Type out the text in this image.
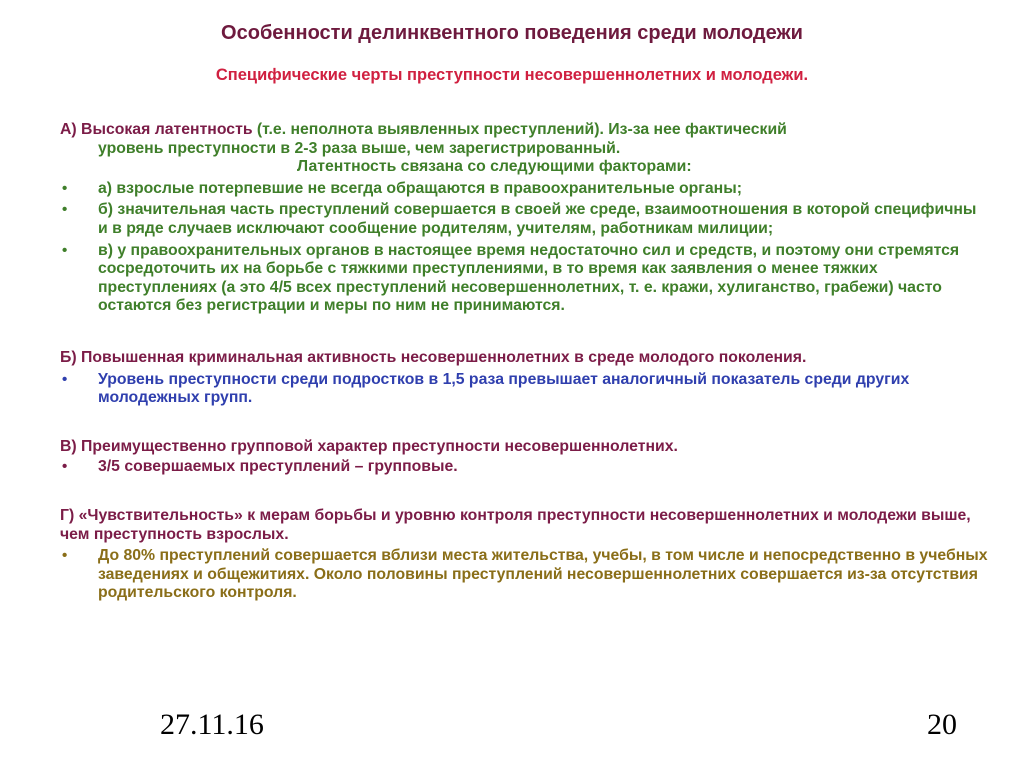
Особенности делинквентного поведения среди молодежи
Специфические черты преступности несовершеннолетних и молодежи.
А) Высокая латентность (т.е. неполнота выявленных преступлений). Из-за нее фактический
уровень преступности в 2-3 раза выше, чем зарегистрированный.
Латентность связана со следующими факторами:
• а) взрослые потерпевшие не всегда обращаются в правоохранительные органы;
• б) значительная часть преступлений совершается в своей же среде, взаимоотношения в которой специфичны и в ряде случаев исключают сообщение родителям, учителям, работникам милиции;
• в) у правоохранительных органов в настоящее время недостаточно сил и средств, и поэтому они стремятся сосредоточить их на борьбе с тяжкими преступлениями, в то время как заявления о менее тяжких преступлениях (а это 4/5 всех преступлений несовершеннолетних, т. е. кражи, хулиганство, грабежи) часто остаются без регистрации и меры по ним не принимаются.
Б) Повышенная криминальная активность несовершеннолетних в среде молодого поколения.
• Уровень преступности среди подростков в 1,5 раза превышает аналогичный показатель среди других молодежных групп.
В) Преимущественно групповой характер преступности несовершеннолетних.
• 3/5 совершаемых преступлений – групповые.
Г) «Чувствительность» к мерам борьбы и уровню контроля преступности несовершеннолетних и молодежи выше, чем преступность взрослых.
• До 80% преступлений совершается вблизи места жительства, учебы, в том числе и непосредственно в учебных заведениях и общежитиях. Около половины преступлений несовершеннолетних совершается из-за отсутствия родительского контроля.
27.11.16	20
